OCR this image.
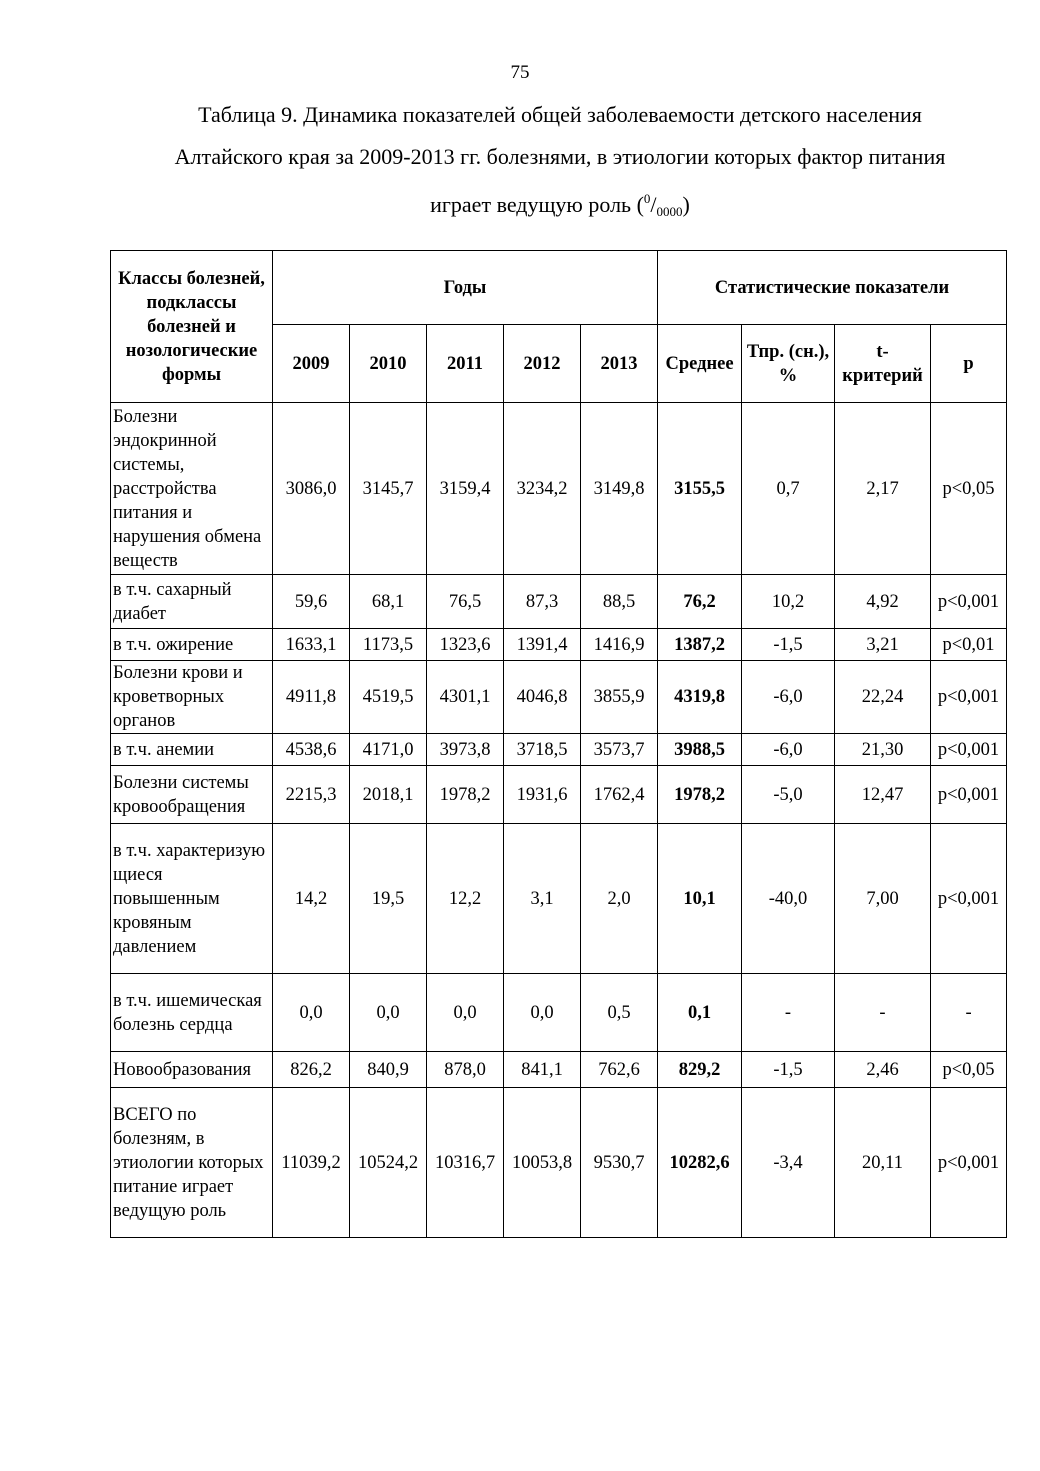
75
Таблица 9. Динамика показателей общей заболеваемости детского населения
Алтайского края за 2009-2013 гг. болезнями, в этиологии которых фактор питания
играет ведущую роль $(^0/_{0000})$
Классы болезней, подклассы болезней и нозологические формы	Годы					Статистические показатели			
	2009	2010	2011	2012	2013	Среднее	Тпр. (сн.), %	t-критерий	p
Болезни эндокринной системы, расстройства питания и нарушения обмена веществ	3086,0	3145,7	3159,4	3234,2	3149,8	3155,5	0,7	2,17	p<0,05
в т.ч. сахарный диабет	59,6	68,1	76,5	87,3	88,5	76,2	10,2	4,92	p<0,001
в т.ч. ожирение	1633,1	1173,5	1323,6	1391,4	1416,9	1387,2	-1,5	3,21	p<0,01
Болезни крови и кроветворных органов	4911,8	4519,5	4301,1	4046,8	3855,9	4319,8	-6,0	22,24	p<0,001
в т.ч. анемии	4538,6	4171,0	3973,8	3718,5	3573,7	3988,5	-6,0	21,30	p<0,001
Болезни системы кровообращения	2215,3	2018,1	1978,2	1931,6	1762,4	1978,2	-5,0	12,47	p<0,001
в т.ч. характеризую щиеся повышенным кровяным давлением	14,2	19,5	12,2	3,1	2,0	10,1	-40,0	7,00	p<0,001
в т.ч. ишемическая болезнь сердца	0,0	0,0	0,0	0,0	0,5	0,1	-	-	-
Новообразования	826,2	840,9	878,0	841,1	762,6	829,2	-1,5	2,46	p<0,05
ВСЕГО по болезням, в этиологии которых питание играет ведущую роль	11039,2	10524,2	10316,7	10053,8	9530,7	10282,6	-3,4	20,11	p<0,001
